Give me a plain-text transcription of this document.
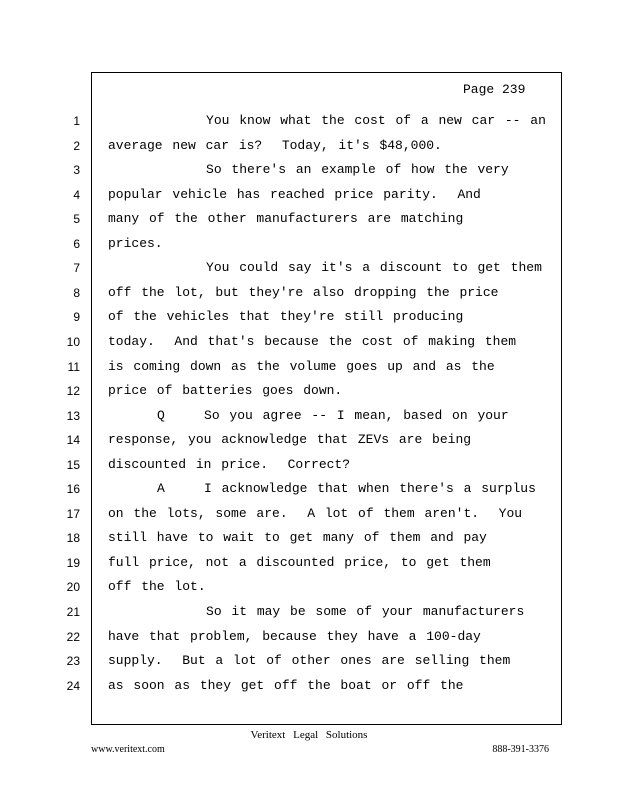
Page 239
1 You know what the cost of a new car -- an
2 average new car is?  Today, it's $48,000.
3 So there's an example of how the very
4 popular vehicle has reached price parity.  And
5 many of the other manufacturers are matching
6 prices.
7 You could say it's a discount to get them
8 off the lot, but they're also dropping the price
9 of the vehicles that they're still producing
10 today.  And that's because the cost of making them
11 is coming down as the volume goes up and as the
12 price of batteries goes down.
13 Q    So you agree -- I mean, based on your
14 response, you acknowledge that ZEVs are being
15 discounted in price.  Correct?
16 A    I acknowledge that when there's a surplus
17 on the lots, some are.  A lot of them aren't.  You
18 still have to wait to get many of them and pay
19 full price, not a discounted price, to get them
20 off the lot.
21 So it may be some of your manufacturers
22 have that problem, because they have a 100-day
23 supply.  But a lot of other ones are selling them
24 as soon as they get off the boat or off the
Veritext Legal Solutions
www.veritext.com	888-391-3376
